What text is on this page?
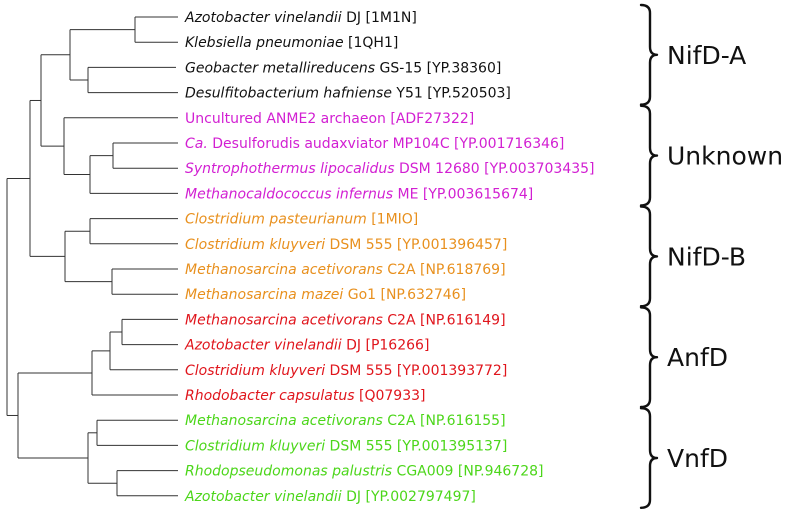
Azotobacter vinelandii DJ [1M1N]
Klebsiella pneumoniae [1QH1]
Geobacter metallireducens GS-15 [YP.38360]
Desulfitobacterium hafniense Y51 [YP.520503]
Uncultured ANME2 archaeon [ADF27322]
Ca. Desulforudis audaxviator MP104C [YP.001716346]
Syntrophothermus lipocalidus DSM 12680 [YP.003703435]
Methanocaldococcus infernus ME [YP.003615674]
Clostridium pasteurianum [1MIO]
Clostridium kluyveri DSM 555 [YP.001396457]
Methanosarcina acetivorans C2A [NP.618769]
Methanosarcina mazei Go1 [NP.632746]
Methanosarcina acetivorans C2A [NP.616149]
Azotobacter vinelandii DJ [P16266]
Clostridium kluyveri DSM 555 [YP.001393772]
Rhodobacter capsulatus [Q07933]
Methanosarcina acetivorans C2A [NP.616155]
Clostridium kluyveri DSM 555 [YP.001395137]
Rhodopseudomonas palustris CGA009 [NP.946728]
Azotobacter vinelandii DJ [YP.002797497]
NifD-A
Unknown
NifD-B
AnfD
VnfD
